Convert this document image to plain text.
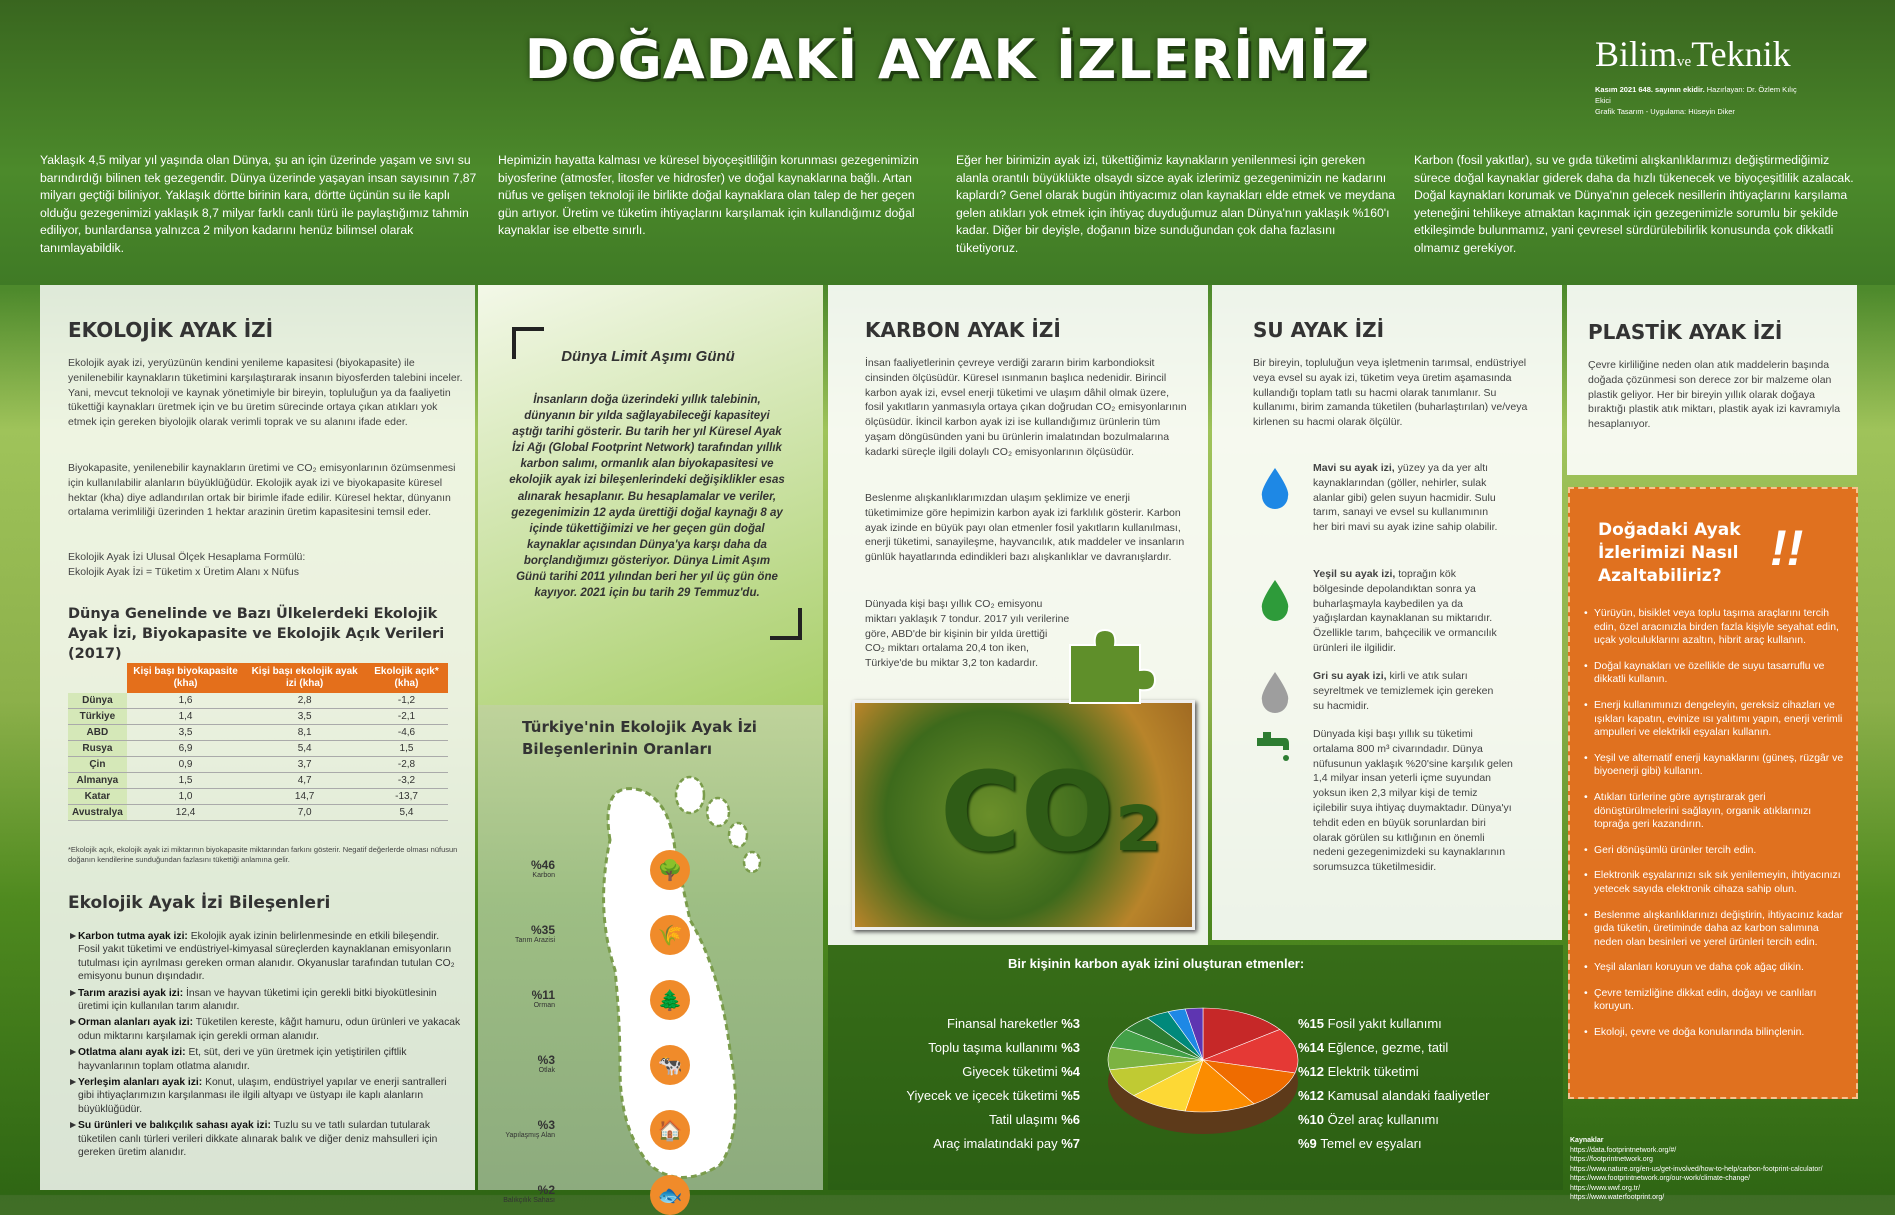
DOĞADAKİ AYAK İZLERİMİZ	BilimveTeknik
Kasım 2021 648. sayının ekidir. Hazırlayan: Dr. Özlem Kılıç Ekici
Grafik Tasarım - Uygulama: Hüseyin Diker

Yaklaşık 4,5 milyar yıl yaşında olan Dünya, şu an için üzerinde yaşam ve sıvı su barındırdığı bilinen tek gezegendir. Dünya üzerinde yaşayan insan sayısının 7,87 milyarı geçtiği biliniyor. Yaklaşık dörtte birinin kara, dörtte üçünün su ile kaplı olduğu gezegenimizi yaklaşık 8,7 milyar farklı canlı türü ile paylaştığımız tahmin ediliyor, bunlardansa yalnızca 2 milyon kadarını henüz bilimsel olarak tanımlayabildik.

Hepimizin hayatta kalması ve küresel biyoçeşitliliğin korunması gezegenimizin biyosferine (atmosfer, litosfer ve hidrosfer) ve doğal kaynaklarına bağlı. Artan nüfus ve gelişen teknoloji ile birlikte doğal kaynaklara olan talep de her geçen gün artıyor. Üretim ve tüketim ihtiyaçlarını karşılamak için kullandığımız doğal kaynaklar ise elbette sınırlı.

Eğer her birimizin ayak izi, tükettiğimiz kaynakların yenilenmesi için gereken alanla orantılı büyüklükte olsaydı sizce ayak izlerimiz gezegenimizin ne kadarını kaplardı? Genel olarak bugün ihtiyacımız olan kaynakları elde etmek ve meydana gelen atıkları yok etmek için ihtiyaç duyduğumuz alan Dünya'nın yaklaşık %160'ı kadar. Diğer bir deyişle, doğanın bize sunduğundan çok daha fazlasını tüketiyoruz.

Karbon (fosil yakıtlar), su ve gıda tüketimi alışkanlıklarımızı değiştirmediğimiz sürece doğal kaynaklar giderek daha da hızlı tükenecek ve biyoçeşitlilik azalacak. Doğal kaynakları korumak ve Dünya'nın gelecek nesillerin ihtiyaçlarını karşılama yeteneğini tehlikeye atmaktan kaçınmak için gezegenimizle sorumlu bir şekilde etkileşimde bulunmamız, yani çevresel sürdürülebilirlik konusunda çok dikkatli olmamız gerekiyor.

EKOLOJİK AYAK İZİ

Ekolojik ayak izi, yeryüzünün kendini yenileme kapasitesi (biyokapasite) ile yenilenebilir kaynakların tüketimini karşılaştırarak insanın biyosferden talebini inceler. Yani, mevcut teknoloji ve kaynak yönetimiyle bir bireyin, topluluğun ya da faaliyetin tükettiği kaynakları üretmek için ve bu üretim sürecinde ortaya çıkan atıkları yok etmek için gereken biyolojik olarak verimli toprak ve su alanını ifade eder.

Biyokapasite, yenilenebilir kaynakların üretimi ve CO₂ emisyonlarının özümsenmesi için kullanılabilir alanların büyüklüğüdür. Ekolojik ayak izi ve biyokapasite küresel hektar (kha) diye adlandırılan ortak bir birimle ifade edilir. Küresel hektar, dünyanın ortalama verimliliği üzerinden 1 hektar arazinin üretim kapasitesini temsil eder.

Ekolojik Ayak İzi Ulusal Ölçek Hesaplama Formülü:

Ekolojik Ayak İzi = Tüketim x Üretim Alanı x Nüfus

Dünya Genelinde ve Bazı Ülkelerdeki Ekolojik Ayak İzi, Biyokapasite ve Ekolojik Açık Verileri (2017)
	Kişi başı biyokapasite (kha)	Kişi başı ekolojik ayak izi (kha)	Ekolojik açık* (kha)
Dünya	1,6	2,8	-1,2
Türkiye	1,4	3,5	-2,1
ABD	3,5	8,1	-4,6
Rusya	6,9	5,4	1,5
Çin	0,9	3,7	-2,8
Almanya	1,5	4,7	-3,2
Katar	1,0	14,7	-13,7
Avustralya	12,4	7,0	5,4

*Ekolojik açık, ekolojik ayak izi miktarının biyokapasite miktarından farkını gösterir. Negatif değerlerde olması nüfusun doğanın kendilerine sunduğundan fazlasını tükettiği anlamına gelir.

Ekolojik Ayak İzi Bileşenleri
► Karbon tutma ayak izi: Ekolojik ayak izinin belirlenmesinde en etkili bileşendir. Fosil yakıt tüketimi ve endüstriyel-kimyasal süreçlerden kaynaklanan emisyonların tutulması için ayrılması gereken orman alanıdır. Okyanuslar tarafından tutulan CO₂ emisyonu bunun dışındadır.
► Tarım arazisi ayak izi: İnsan ve hayvan tüketimi için gerekli bitki biyokütlesinin üretimi için kullanılan tarım alanıdır.
► Orman alanları ayak izi: Tüketilen kereste, kâğıt hamuru, odun ürünleri ve yakacak odun miktarını karşılamak için gerekli orman alanıdır.
► Otlatma alanı ayak izi: Et, süt, deri ve yün üretmek için yetiştirilen çiftlik hayvanlarının toplam otlatma alanıdır.
► Yerleşim alanları ayak izi: Konut, ulaşım, endüstriyel yapılar ve enerji santralleri gibi ihtiyaçlarımızın karşılanması ile ilgili altyapı ve üstyapı ile kaplı alanların büyüklüğüdür.
► Su ürünleri ve balıkçılık sahası ayak izi: Tuzlu su ve tatlı sulardan tutularak tüketilen canlı türleri verileri dikkate alınarak balık ve diğer deniz mahsulleri için gereken üretim alanıdır.
Dünya Limit Aşımı Günü

İnsanların doğa üzerindeki yıllık talebinin, dünyanın bir yılda sağlayabileceği kapasiteyi aştığı tarihi gösterir. Bu tarih her yıl Küresel Ayak İzi Ağı (Global Footprint Network) tarafından yıllık karbon salımı, ormanlık alan biyokapasitesi ve ekolojik ayak izi bileşenlerindeki değişiklikler esas alınarak hesaplanır. Bu hesaplamalar ve veriler, gezegenimizin 12 ayda ürettiği doğal kaynağı 8 ay içinde tükettiğimizi ve her geçen gün doğal kaynaklar açısından Dünya'ya karşı daha da borçlandığımızı gösteriyor. Dünya Limit Aşım Günü tarihi 2011 yılından beri her yıl üç gün öne kayıyor. 2021 için bu tarih 29 Temmuz'du.

Türkiye'nin Ekolojik Ayak İzi Bileşenlerinin Oranları
%46
Karbon	🌳
%35
Tarım Arazisi	🌾
%11
Orman	🌲
%3
Otlak	🐄
%3
Yapılaşmış Alan	🏠
%2
Balıkçılık Sahası	🐟
KARBON AYAK İZİ

İnsan faaliyetlerinin çevreye verdiği zararın birim karbondioksit cinsinden ölçüsüdür. Küresel ısınmanın başlıca nedenidir. Birincil karbon ayak izi, evsel enerji tüketimi ve ulaşım dâhil olmak üzere, fosil yakıtların yanmasıyla ortaya çıkan doğrudan CO₂ emisyonlarının ölçüsüdür. İkincil karbon ayak izi ise kullandığımız ürünlerin tüm yaşam döngüsünden yani bu ürünlerin imalatından bozulmalarına kadarki süreçle ilgili dolaylı CO₂ emisyonlarının ölçüsüdür.

Beslenme alışkanlıklarımızdan ulaşım şeklimize ve enerji tüketimimize göre hepimizin karbon ayak izi farklılık gösterir. Karbon ayak izinde en büyük payı olan etmenler fosil yakıtların kullanılması, enerji tüketimi, sanayileşme, hayvancılık, atık maddeler ve insanların günlük hayatlarında edindikleri bazı alışkanlıklar ve davranışlardır.

Dünyada kişi başı yıllık CO₂ emisyonu miktarı yaklaşık 7 tondur. 2017 yılı verilerine göre, ABD'de bir kişinin bir yılda ürettiği CO₂ miktarı ortalama 20,4 ton iken, Türkiye'de bu miktar 3,2 ton kadardır.

CO₂
Bir kişinin karbon ayak izini oluşturan etmenler:
Finansal hareketler %3
Toplu taşıma kullanımı %3
Giyecek tüketimi %4
Yiyecek ve içecek tüketimi %5
Tatil ulaşımı %6
Araç imalatındaki pay %7
%15 Fosil yakıt kullanımı
%14 Eğlence, gezme, tatil
%12 Elektrik tüketimi
%12 Kamusal alandaki faaliyetler
%10 Özel araç kullanımı
%9 Temel ev eşyaları
SU AYAK İZİ

Bir bireyin, topluluğun veya işletmenin tarımsal, endüstriyel veya evsel su ayak izi, tüketim veya üretim aşamasında kullandığı toplam tatlı su hacmi olarak tanımlanır. Su kullanımı, birim zamanda tüketilen (buharlaştırılan) ve/veya kirlenen su hacmi olarak ölçülür.

Mavi su ayak izi, yüzey ya da yer altı kaynaklarından (göller, nehirler, sulak alanlar gibi) gelen suyun hacmidir. Sulu tarım, sanayi ve evsel su kullanımının her biri mavi su ayak izine sahip olabilir.

Yeşil su ayak izi, toprağın kök bölgesinde depolandıktan sonra ya buharlaşmayla kaybedilen ya da yağışlardan kaynaklanan su miktarıdır. Özellikle tarım, bahçecilik ve ormancılık ürünleri ile ilgilidir.

Gri su ayak izi, kirli ve atık suları seyreltmek ve temizlemek için gereken su hacmidir.

Dünyada kişi başı yıllık su tüketimi ortalama 800 m³ civarındadır. Dünya nüfusunun yaklaşık %20'sine karşılık gelen 1,4 milyar insan yeterli içme suyundan yoksun iken 2,3 milyar kişi de temiz içilebilir suya ihtiyaç duymaktadır. Dünya'yı tehdit eden en büyük sorunlardan biri olarak görülen su kıtlığının en önemli nedeni gezegenimizdeki su kaynaklarının sorumsuzca tüketilmesidir.

PLASTİK AYAK İZİ

Çevre kirliliğine neden olan atık maddelerin başında doğada çözünmesi son derece zor bir malzeme olan plastik geliyor. Her bir bireyin yıllık olarak doğaya bıraktığı plastik atık miktarı, plastik ayak izi kavramıyla hesaplanıyor.

Doğadaki Ayak İzlerimizi Nasıl Azaltabiliriz? !!
• Yürüyün, bisiklet veya toplu taşıma araçlarını tercih edin, özel aracınızla birden fazla kişiyle seyahat edin, uçak yolculuklarını azaltın, hibrit araç kullanın.
• Doğal kaynakları ve özellikle de suyu tasarruflu ve dikkatli kullanın.
• Enerji kullanımınızı dengeleyin, gereksiz cihazları ve ışıkları kapatın, evinize ısı yalıtımı yapın, enerji verimli ampulleri ve elektrikli eşyaları kullanın.
• Yeşil ve alternatif enerji kaynaklarını (güneş, rüzgâr ve biyoenerji gibi) kullanın.
• Atıkları türlerine göre ayrıştırarak geri dönüştürülmelerini sağlayın, organik atıklarınızı toprağa geri kazandırın.
• Geri dönüşümlü ürünler tercih edin.
• Elektronik eşyalarınızı sık sık yenilemeyin, ihtiyacınızı yetecek sayıda elektronik cihaza sahip olun.
• Beslenme alışkanlıklarınızı değiştirin, ihtiyacınız kadar gıda tüketin, üretiminde daha az karbon salımına neden olan besinleri ve yerel ürünleri tercih edin.
• Yeşil alanları koruyun ve daha çok ağaç dikin.
• Çevre temizliğine dikkat edin, doğayı ve canlıları koruyun.
• Ekoloji, çevre ve doğa konularında bilinçlenin.
Kaynaklar
https://data.footprintnetwork.org/#/
https://footprintnetwork.org
https://www.nature.org/en-us/get-involved/how-to-help/carbon-footprint-calculator/
https://www.footprintnetwork.org/our-work/climate-change/
https://www.wwf.org.tr/
https://www.waterfootprint.org/
